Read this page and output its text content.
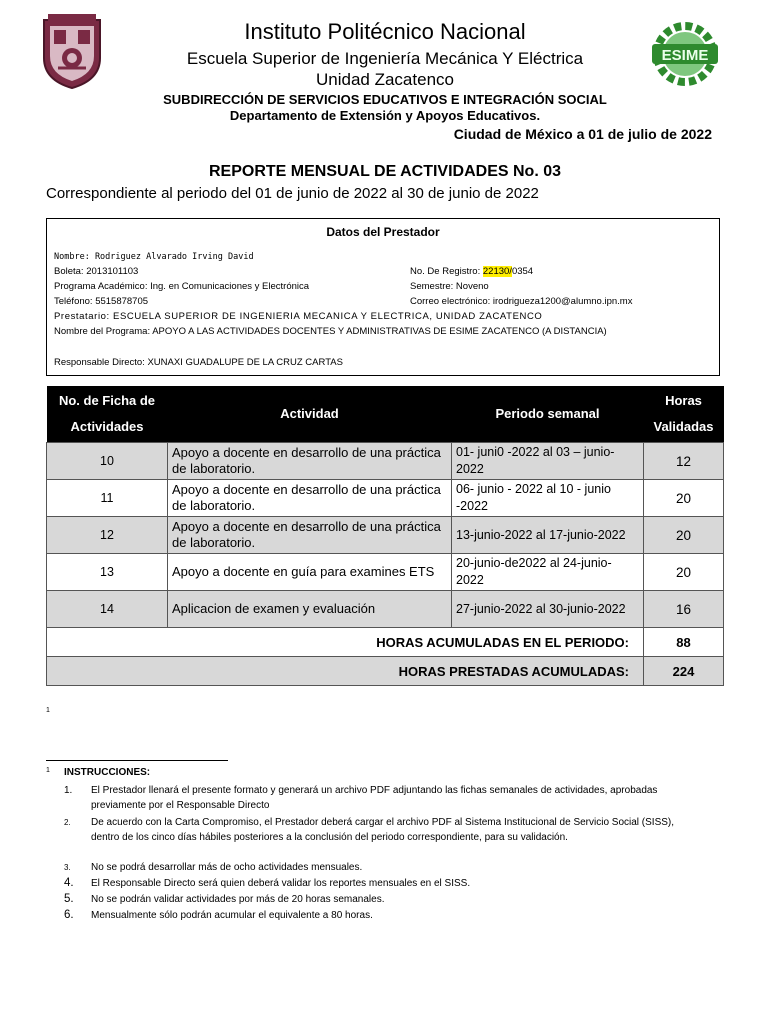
ESIME
Instituto Politécnico Nacional
Escuela Superior de Ingeniería Mecánica Y Eléctrica
Unidad Zacatenco
SUBDIRECCIÓN DE SERVICIOS EDUCATIVOS E INTEGRACIÓN SOCIAL
Departamento de Extensión y Apoyos Educativos.
Ciudad de México a 01 de julio de 2022
REPORTE MENSUAL DE ACTIVIDADES No. 03
Correspondiente al periodo del 01 de junio de 2022 al 30 de junio de 2022
Datos del Prestador
Nombre: Rodriguez Alvarado Irving David
Boleta: 2013101103	No. De Registro: 22130/0354
Programa Académico: Ing. en Comunicaciones y Electrónica	Semestre: Noveno
Teléfono: 5515878705	Correo electrónico: irodrigueza1200@alumno.ipn.mx
Prestatario: ESCUELA SUPERIOR DE INGENIERIA MECANICA Y ELECTRICA, UNIDAD ZACATENCO
Nombre del Programa: APOYO A LAS ACTIVIDADES DOCENTES Y ADMINISTRATIVAS DE ESIME ZACATENCO (A DISTANCIA)
Responsable Directo: XUNAXI GUADALUPE DE LA CRUZ CARTAS
No. de Ficha de Actividades	Actividad	Periodo semanal	Horas Validadas
10	Apoyo a docente en desarrollo de una práctica de laboratorio.	01- juni0 -2022 al 03 – junio- 2022	12
11	Apoyo a docente en desarrollo de una práctica de laboratorio.	06- junio - 2022 al 10 - junio -2022	20
12	Apoyo a docente en desarrollo de una práctica de laboratorio.	13-junio-2022 al 17-junio-2022	20
13	Apoyo a docente en guía para examines ETS	20-junio-de2022 al 24-junio-2022	20
14	Aplicacion de examen y evaluación	27-junio-2022 al 30-junio-2022	16
HORAS ACUMULADAS EN EL PERIODO:			88
HORAS PRESTADAS ACUMULADAS:			224
1
1 INSTRUCCIONES:
1. El Prestador llenará el presente formato y generará un archivo PDF adjuntando las fichas semanales de actividades, aprobadas previamente por el Responsable Directo
2. De acuerdo con la Carta Compromiso, el Prestador deberá cargar el archivo PDF al Sistema Institucional de Servicio Social (SISS), dentro de los cinco días hábiles posteriores a la conclusión del periodo correspondiente, para su validación.
3. No se podrá desarrollar más de ocho actividades mensuales.
4. El Responsable Directo será quien deberá validar los reportes mensuales en el SISS.
5. No se podrán validar actividades por más de 20 horas semanales.
6. Mensualmente sólo podrán acumular el equivalente a 80 horas.
